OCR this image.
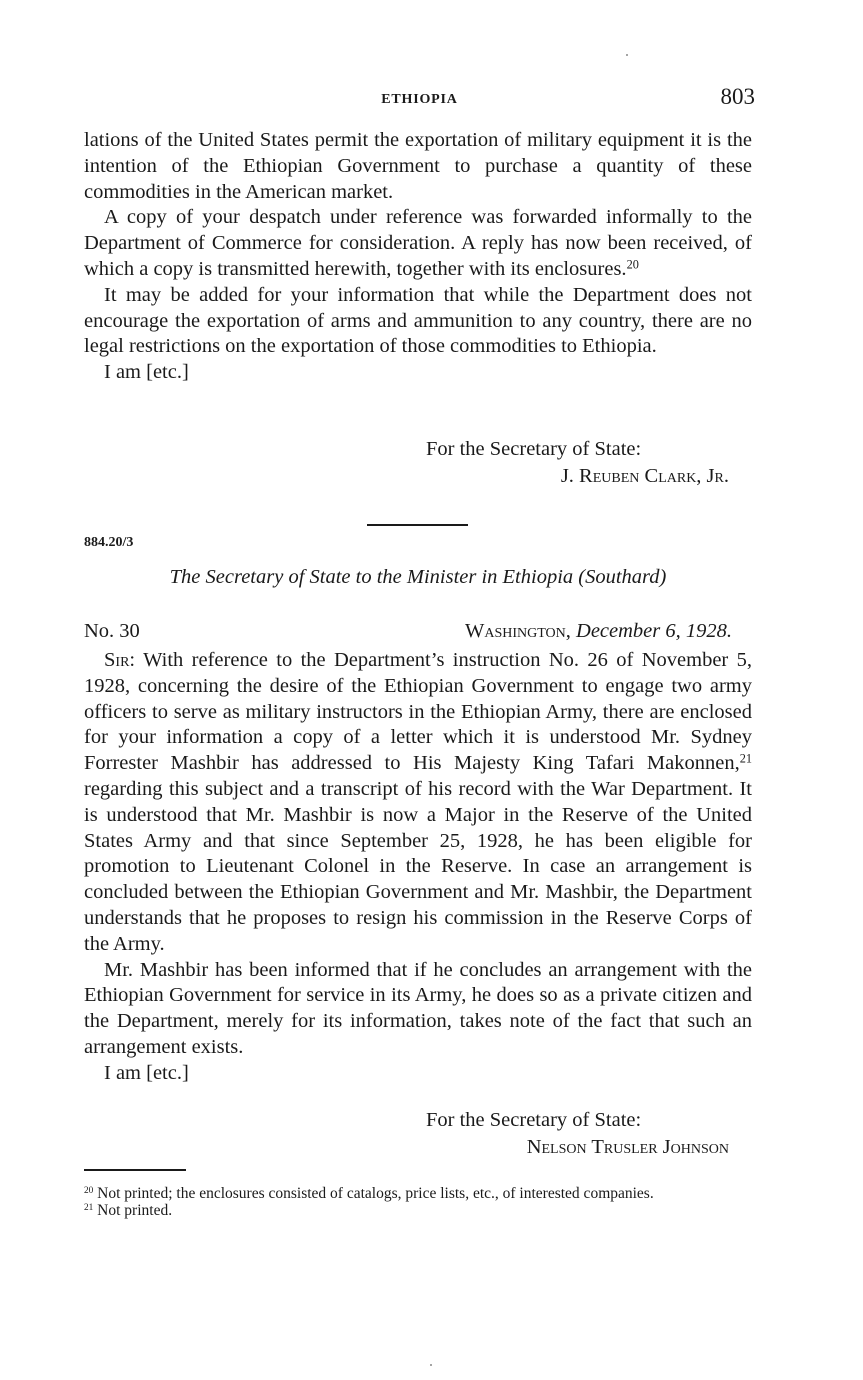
ETHIOPIA	803

lations of the United States permit the exportation of military equipment it is the intention of the Ethiopian Government to purchase a quantity of these commodities in the American market.

A copy of your despatch under reference was forwarded informally to the Department of Commerce for consideration. A reply has now been received, of which a copy is transmitted herewith, together with its enclosures.$^{20}$

It may be added for your information that while the Department does not encourage the exportation of arms and ammunition to any country, there are no legal restrictions on the exportation of those commodities to Ethiopia.

I am [etc.]

For the Secretary of State:
J. Reuben Clark, Jr.
884.20/3
The Secretary of State to the Minister in Ethiopia (Southard)
No. 30	Washington, December 6, 1928.

Sir: With reference to the Department’s instruction No. 26 of November 5, 1928, concerning the desire of the Ethiopian Government to engage two army officers to serve as military instructors in the Ethiopian Army, there are enclosed for your information a copy of a letter which it is understood Mr. Sydney Forrester Mashbir has addressed to His Majesty King Tafari Makonnen,$^{21}$ regarding this subject and a transcript of his record with the War Department. It is understood that Mr. Mashbir is now a Major in the Reserve of the United States Army and that since September 25, 1928, he has been eligible for promotion to Lieutenant Colonel in the Reserve. In case an arrangement is concluded between the Ethiopian Government and Mr. Mashbir, the Department understands that he proposes to resign his commission in the Reserve Corps of the Army.

Mr. Mashbir has been informed that if he concludes an arrangement with the Ethiopian Government for service in its Army, he does so as a private citizen and the Department, merely for its information, takes note of the fact that such an arrangement exists.

I am [etc.]

For the Secretary of State:
Nelson Trusler Johnson

$^{20}$ Not printed; the enclosures consisted of catalogs, price lists, etc., of interested companies.

$^{21}$ Not printed.
